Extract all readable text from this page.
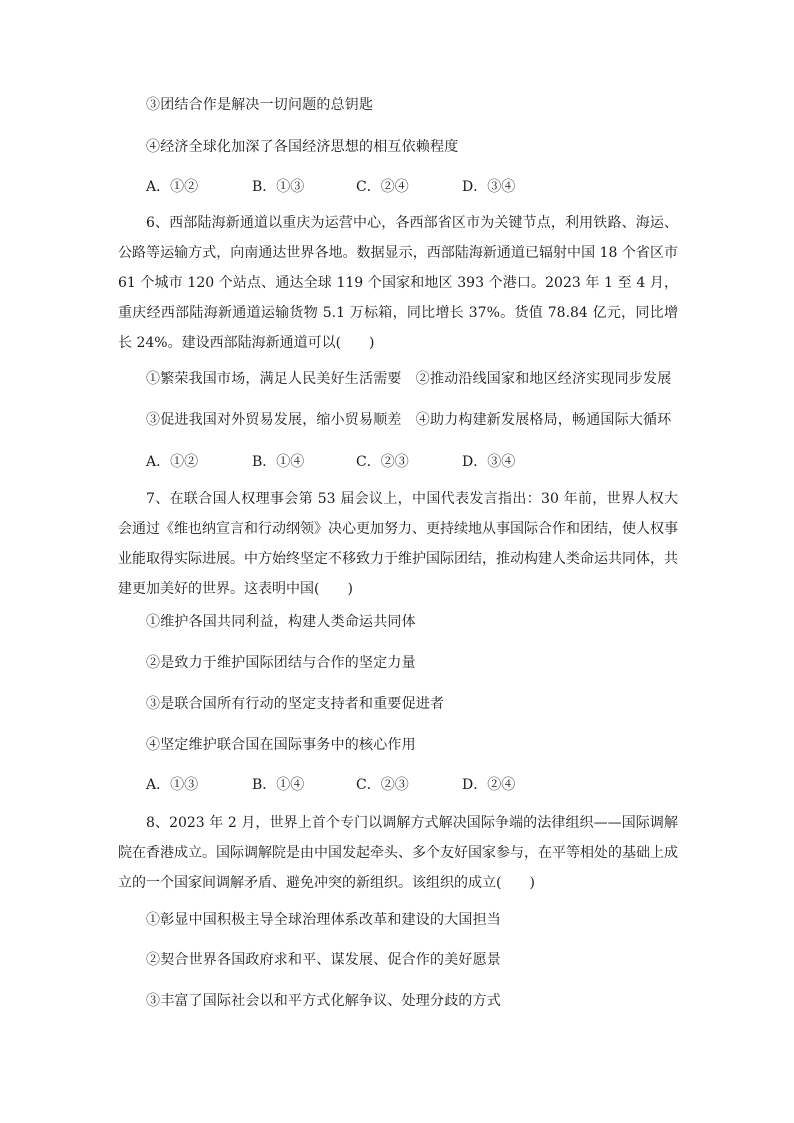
③团结合作是解决一切问题的总钥匙
④经济全球化加深了各国经济思想的相互依赖程度
A．①②	B．①③	C．②④	D．③④
6、西部陆海新通道以重庆为运营中心，各西部省区市为关键节点，利用铁路、海运、公路等运输方式，向南通达世界各地。数据显示，西部陆海新通道已辐射中国 18 个省区市 61 个城市 120 个站点、通达全球 119 个国家和地区 393 个港口。2023 年 1 至 4 月，重庆经西部陆海新通道运输货物 5.1 万标箱，同比增长 37%。货值 78.84 亿元，同比增长 24%。建设西部陆海新通道可以(　　)
①繁荣我国市场，满足人民美好生活需要　②推动沿线国家和地区经济实现同步发展
③促进我国对外贸易发展，缩小贸易顺差　④助力构建新发展格局，畅通国际大循环
A．①②	B．①④	C．②③	D．③④
7、在联合国人权理事会第 53 届会议上，中国代表发言指出：30 年前，世界人权大会通过《维也纳宣言和行动纲领》决心更加努力、更持续地从事国际合作和团结，使人权事业能取得实际进展。中方始终坚定不移致力于维护国际团结，推动构建人类命运共同体，共建更加美好的世界。这表明中国(　　)
①维护各国共同利益，构建人类命运共同体
②是致力于维护国际团结与合作的坚定力量
③是联合国所有行动的坚定支持者和重要促进者
④坚定维护联合国在国际事务中的核心作用
A．①③	B．①④	C．②③	D．②④
8、2023 年 2 月，世界上首个专门以调解方式解决国际争端的法律组织——国际调解院在香港成立。国际调解院是由中国发起牵头、多个友好国家参与，在平等相处的基础上成立的一个国家间调解矛盾、避免冲突的新组织。该组织的成立(　　)
①彰显中国积极主导全球治理体系改革和建设的大国担当
②契合世界各国政府求和平、谋发展、促合作的美好愿景
③丰富了国际社会以和平方式化解争议、处理分歧的方式
